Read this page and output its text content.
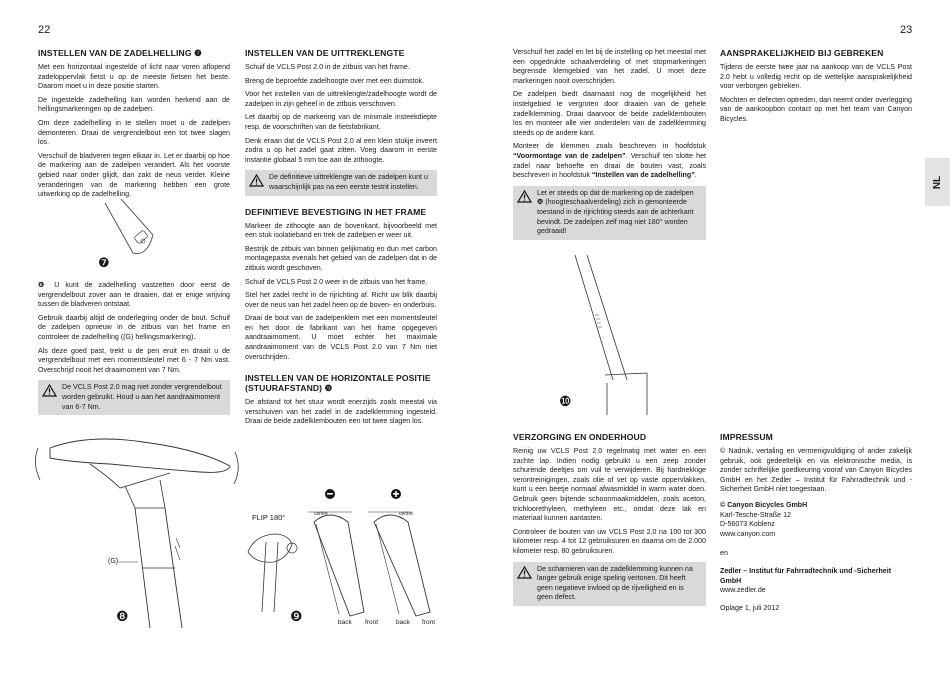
22	23
NL
INSTELLEN VAN DE ZADELHELLING ❼

Met een horizontaal ingestelde of licht naar voren aflopend zadeloppervlak fietst u op de meeste fietsen het beste. Daarom moet u in deze positie starten.

De ingestelde zadelhelling kan worden herkend aan de hellingsmarkeringen op de zadelpen.

Om deze zadelhelling in te stellen moet u de zadelpen demonteren. Draai de vergrendelbout een tot twee slagen los.

Verschuif de bladveren tegen elkaar in. Let er daarbij op hoe de markering aan de zadelpen verandert. Als het voorste gebied naar onder glijdt, dan zakt de neus verder. Kleine veranderingen van de markering hebben een grote uitwerking op de zadelhelling.

❼

❻ U kunt de zadelhelling vastzetten door eerst de vergrendelbout zover aan te draaien, dat er enige wrijving tussen de bladveren ontstaat.

Gebruik daarbij altijd de onderlegring onder de bout. Schuif de zadelpen opnieuw in de zitbuis van het frame en controleer de zadelhelling ((G) hellingsmarkering).

Als deze goed past, trekt u de pen eruit en draait u de vergrendelbout met een momentsleutel met 6 - 7 Nm vast. Overschrijd nooit het draaimoment van 7 Nm.

De VCLS Post 2.0 mag niet zonder vergrendelbout worden gebruikt. Houd u aan het aandraaimoment van 6-7 Nm.
(G)
❽
INSTELLEN VAN DE UITTREKLENGTE

Schuif de VCLS Post 2.0 in de zitbuis van het frame.

Breng de beproefde zadelhoogte over met een duimstok.

Voor het instellen van de uittreklengte/zadelhoogte wordt de zadelpen in zijn geheel in de zitbuis verschoven.

Let daarbij op de markering van de minimale insteekdiepte resp. de voorschriften van de fietsfabrikant.

Denk eraan dat de VCLS Post 2.0 al een klein stukje inveert zodra u op het zadel gaat zitten. Voeg daarom in eerste instantie globaal 5 mm toe aan de zithoogte.

De definitieve uittreklengte van de zadelpen kunt u waarschijnlijk pas na een eerste testrit instellen.
DEFINITIEVE BEVESTIGING IN HET FRAME

Markeer de zithoogte aan de bovenkant, bijvoorbeeld met een stuk isolatieband en trek de zadelpen er weer uit.

Bestrijk de zitbuis van binnen gelijkmatig en dun met carbon montagepasta evenals het gebied van de zadelpen dat in de zitbuis wordt geschoven.

Schuif de VCLS Post 2.0 weer in de zitbuis van het frame.

Stel het zadel recht in de rijrichting af. Richt uw blik daarbij over de neus van het zadel heen op de boven- en onderbuis.

Draai de bout van de zadelpenklem met een momentsleutel en het door de fabrikant van het frame opgegeven aandraaimoment. U moet echter het maximale aandraaimoment van de VCLS Post 2.0 van 7 Nm niet overschrijden.

INSTELLEN VAN DE HORIZONTALE POSITIE (STUURAFSTAND) ❾

De afstand tot het stuur wordt enerzijds zoals meestal via verschuiven van het zadel in de zadelklemming ingesteld. Draai de beide zadelklembouten een tot twee slagen los.

FLIP 180°	centre	centre
❾	back front	back front

Verschuif het zadel en let bij de instelling op het meestal met een opgedrukte schaalverdeling of met stopmarkeringen begrensde klemgebied van het zadel. U moet deze markeringen nooit overschrijden.

De zadelpen biedt daarnaast nog de mogelijkheid het instelgebied te vergroten door draaien van de gehele zadelklemming. Draai daarvoor de beide zadelklembouten los en monteer alle vier onderdelen van de zadelklemming steeds op de andere kant.

Monteer de klemmen zoals beschreven in hoofdstuk “Voormontage van de zadelpen”. Verschuif ten slotte het zadel naar behoefte en draai de bouten vast, zoals beschreven in hoofdstuk “Instellen van de zadelhelling”.

Let er steeds op dat de markering op de zadelpen ❿ (hoogteschaalverdeling) zich in gemonteerde toestand in de rijrichting steeds aan de achterkant bevindt. De zadelpen zelf mag niet 180° worden gedraaid!
❿
VERZORGING EN ONDERHOUD

Reinig uw VCLS Post 2.0 regelmatig met water en een zachte lap. Indien nodig gebruikt u een zeep zonder schurende deeltjes om vuil te verwijderen. Bij hardnekkige verontreinigingen, zoals olie of vet op vaste oppervlakken, kunt u een beetje normaal afwasmiddel in warm water doen. Gebruik geen bijtende schoonmaakmiddelen, zoals aceton, trichloorethyleen, methyleen etc., omdat deze lak en materiaal kunnen aantasten.

Controleer de bouten van uw VCLS Post 2.0 na 100 tot 300 kilometer resp. 4 tot 12 gebruiksuren en daarna om de 2.000 kilometer resp. 80 gebruiksuren.

De scharnieren van de zadelklemming kunnen na langer gebruik enige speling vertonen. Dit heeft geen negatieve invloed op de rijveiligheid en is geen defect.
AANSPRAKELIJKHEID BIJ GEBREKEN

Tijdens de eerste twee jaar na aankoop van de VCLS Post 2.0 hebt u volledig recht op de wettelijke aansprakelijkheid voor verborgen gebreken.

Mochten er defecten optreden, dan neemt onder overlegging van de aankoopbon contact op met het team van Canyon Bicycles.

IMPRESSUM

© Nadruk, vertaling en vermenigvuldiging of ander zakelijk gebruik, ook gedeeltelijk en via elektronische media, is zonder schriftelijke goedkeuring vooraf van Canyon Bicycles GmbH en het Zedler – Institut für Fahrradtechnik und -Sicherheit GmbH niet toegestaan.

© Canyon Bicycles GmbH
Karl-Tesche-Straße 12
D-56073 Koblenz
www.canyon.com
en
Zedler – Institut für Fahrradtechnik und -Sicherheit GmbH
www.zedler.de
Oplage 1, juli 2012
